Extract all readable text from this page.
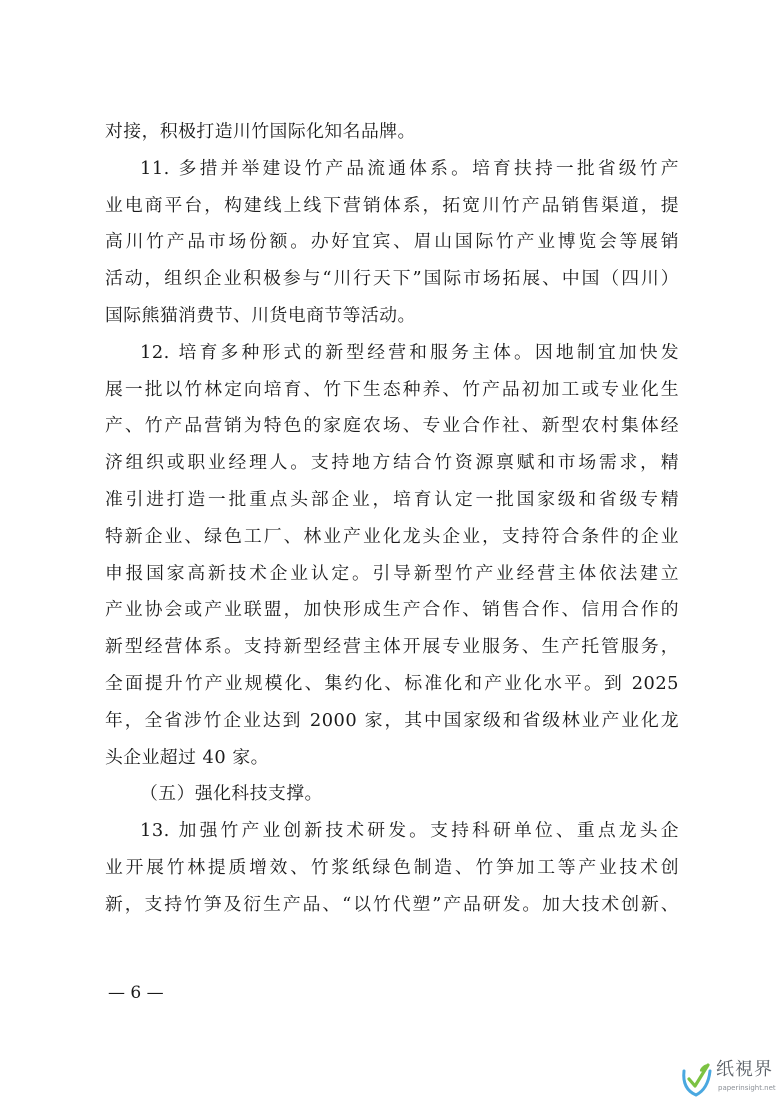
对接，积极打造川竹国际化知名品牌。
11. 多措并举建设竹产品流通体系。培育扶持一批省级竹产
业电商平台，构建线上线下营销体系，拓宽川竹产品销售渠道，提
高川竹产品市场份额。办好宜宾、眉山国际竹产业博览会等展销
活动，组织企业积极参与“川行天下”国际市场拓展、中国（四川）
国际熊猫消费节、川货电商节等活动。
12. 培育多种形式的新型经营和服务主体。因地制宜加快发
展一批以竹林定向培育、竹下生态种养、竹产品初加工或专业化生
产、竹产品营销为特色的家庭农场、专业合作社、新型农村集体经
济组织或职业经理人。支持地方结合竹资源禀赋和市场需求，精
准引进打造一批重点头部企业，培育认定一批国家级和省级专精
特新企业、绿色工厂、林业产业化龙头企业，支持符合条件的企业
申报国家高新技术企业认定。引导新型竹产业经营主体依法建立
产业协会或产业联盟，加快形成生产合作、销售合作、信用合作的
新型经营体系。支持新型经营主体开展专业服务、生产托管服务，
全面提升竹产业规模化、集约化、标准化和产业化水平。到 2025
年，全省涉竹企业达到 2000 家，其中国家级和省级林业产业化龙
头企业超过 40 家。
（五）强化科技支撑。
13. 加强竹产业创新技术研发。支持科研单位、重点龙头企
业开展竹林提质增效、竹浆纸绿色制造、竹笋加工等产业技术创
新，支持竹笋及衍生产品、“以竹代塑”产品研发。加大技术创新、
— 6 —
纸視界
paperinsight.net
